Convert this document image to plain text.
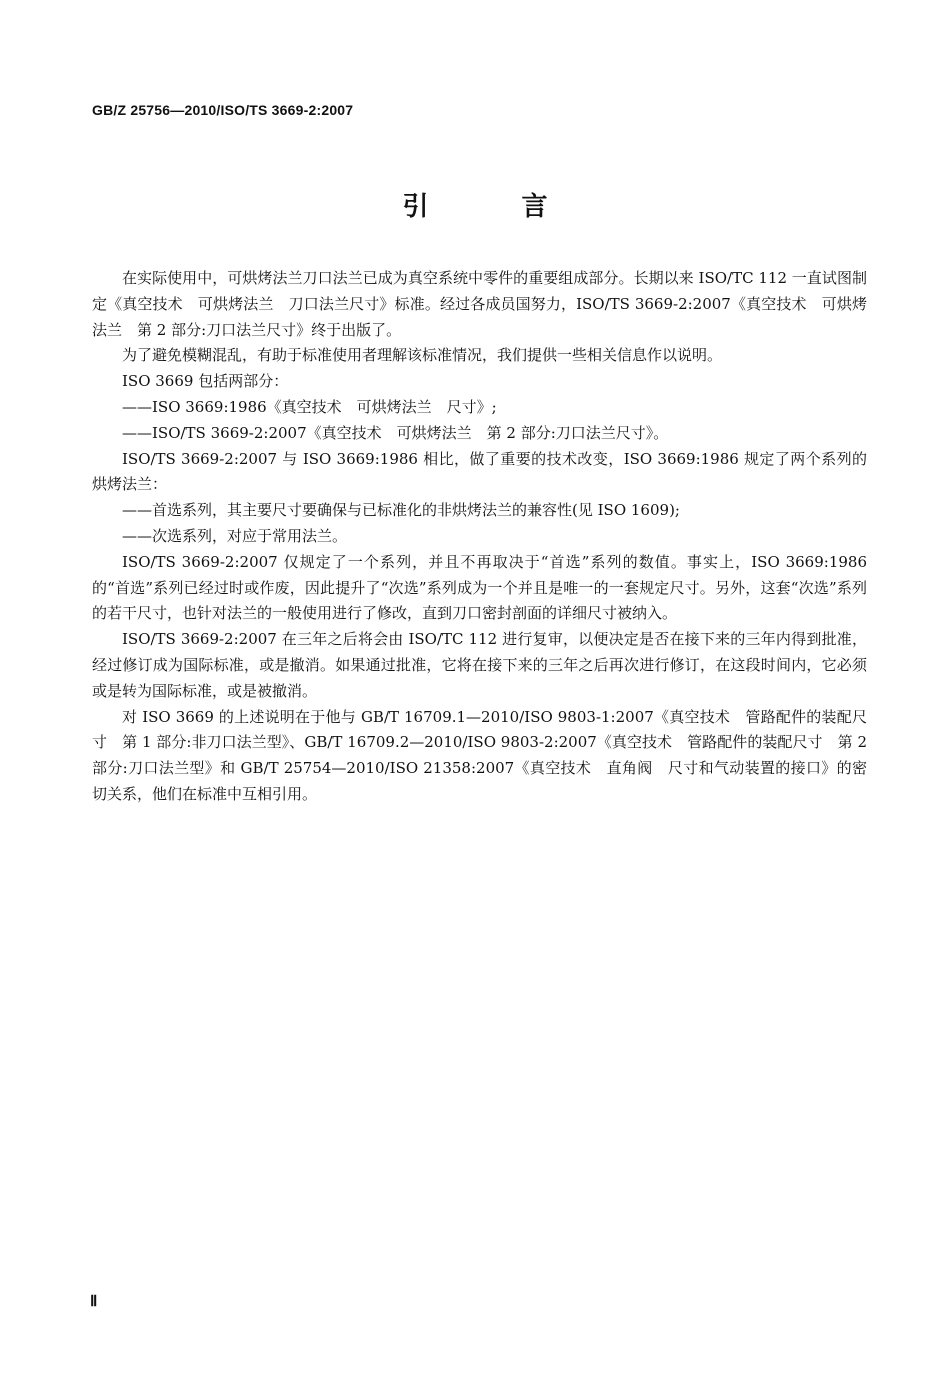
GB/Z 25756—2010/ISO/TS 3669-2:2007
引 言

在实际使用中，可烘烤法兰刀口法兰已成为真空系统中零件的重要组成部分。长期以来 ISO/TC 112 一直试图制定《真空技术　可烘烤法兰　刀口法兰尺寸》标准。经过各成员国努力，ISO/TS 3669-2:2007《真空技术　可烘烤法兰　第 2 部分:刀口法兰尺寸》终于出版了。

为了避免模糊混乱，有助于标准使用者理解该标准情况，我们提供一些相关信息作以说明。

ISO 3669 包括两部分：

——ISO 3669:1986《真空技术　可烘烤法兰　尺寸》;

——ISO/TS 3669-2:2007《真空技术　可烘烤法兰　第 2 部分:刀口法兰尺寸》。

ISO/TS 3669-2:2007 与 ISO 3669:1986 相比，做了重要的技术改变，ISO 3669:1986 规定了两个系列的烘烤法兰：

——首选系列，其主要尺寸要确保与已标准化的非烘烤法兰的兼容性(见 ISO 1609);

——次选系列，对应于常用法兰。

ISO/TS 3669-2:2007 仅规定了一个系列，并且不再取决于“首选”系列的数值。事实上，ISO 3669:1986 的“首选”系列已经过时或作废，因此提升了“次选”系列成为一个并且是唯一的一套规定尺寸。另外，这套“次选”系列的若干尺寸，也针对法兰的一般使用进行了修改，直到刀口密封剖面的详细尺寸被纳入。

ISO/TS 3669-2:2007 在三年之后将会由 ISO/TC 112 进行复审，以便决定是否在接下来的三年内得到批准，经过修订成为国际标准，或是撤消。如果通过批准，它将在接下来的三年之后再次进行修订，在这段时间内，它必须或是转为国际标准，或是被撤消。

对 ISO 3669 的上述说明在于他与 GB/T 16709.1—2010/ISO 9803-1:2007《真空技术　管路配件的装配尺寸　第 1 部分:非刀口法兰型》、GB/T 16709.2—2010/ISO 9803-2:2007《真空技术　管路配件的装配尺寸　第 2 部分:刀口法兰型》和 GB/T 25754—2010/ISO 21358:2007《真空技术　直角阀　尺寸和气动装置的接口》的密切关系，他们在标准中互相引用。

Ⅱ
